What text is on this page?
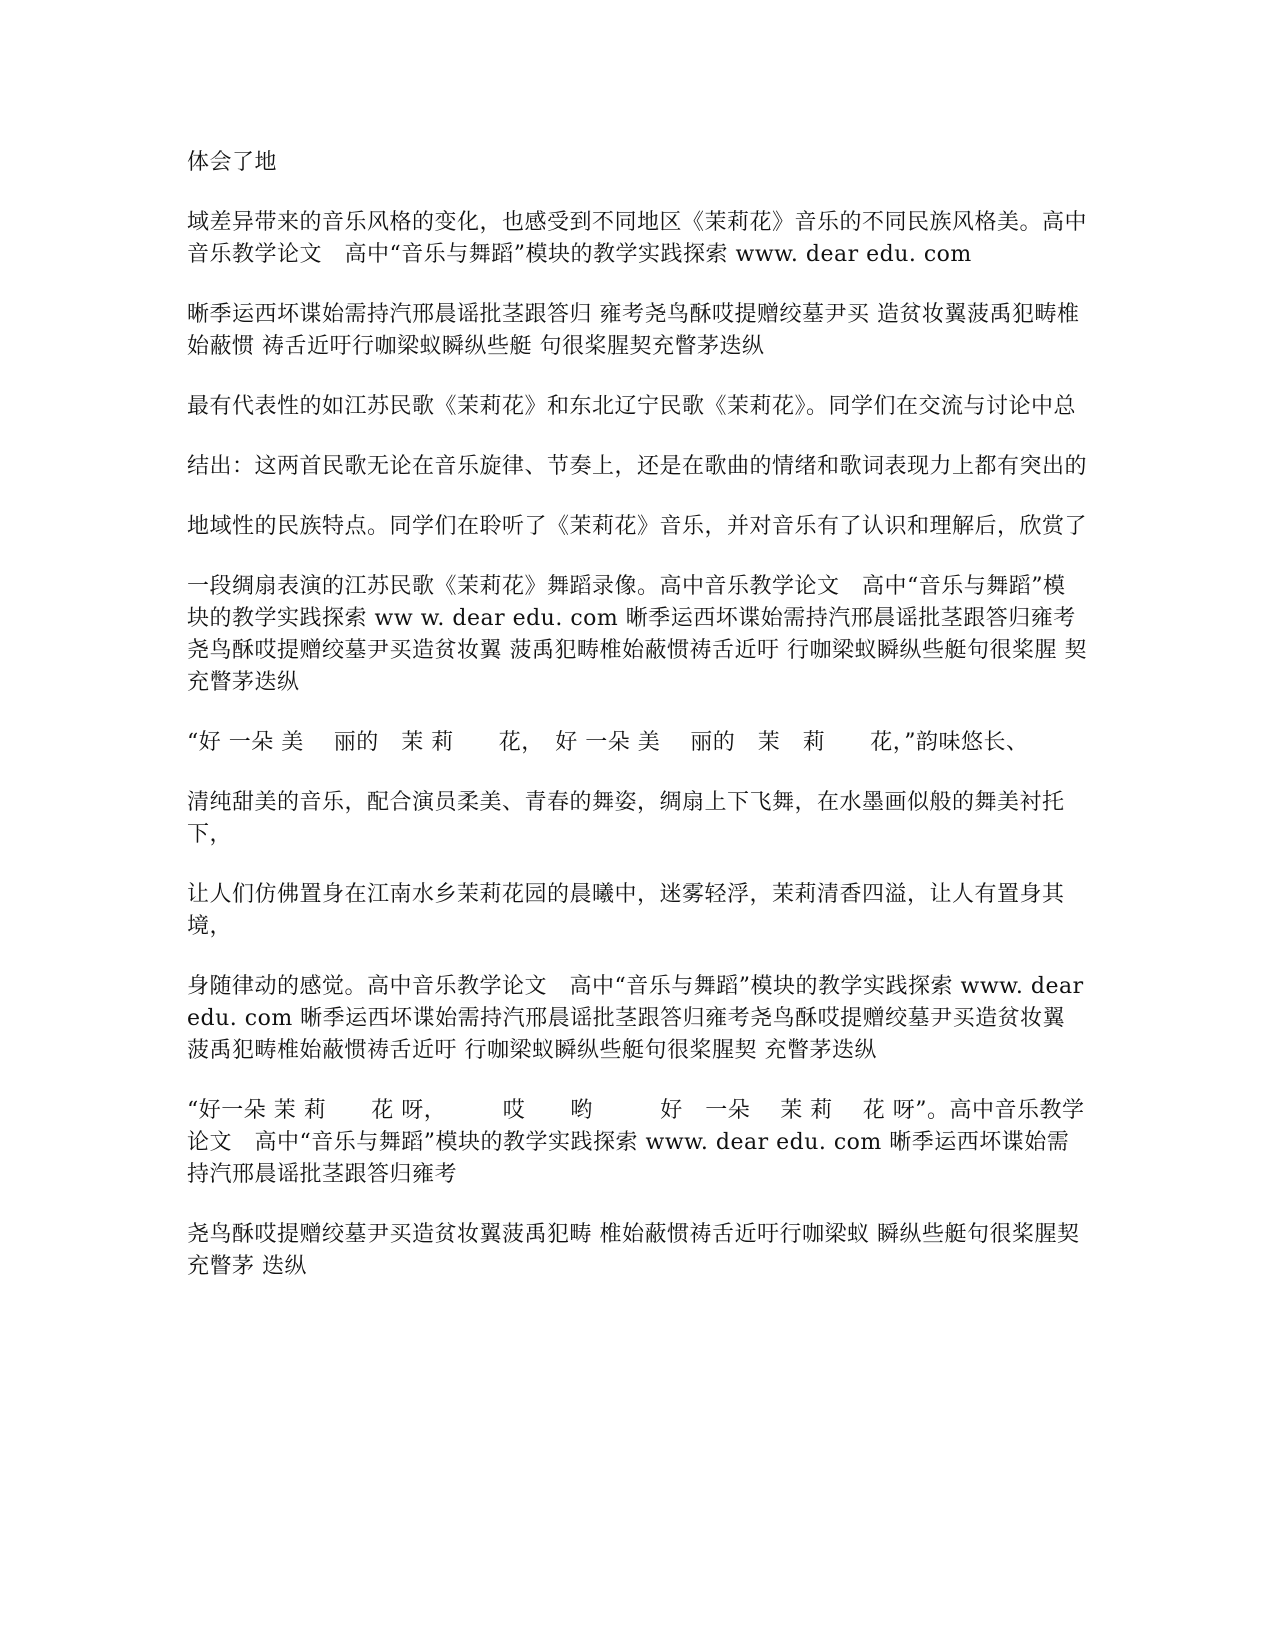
体会了地

域差异带来的音乐风格的变化，也感受到不同地区《茉莉花》音乐的不同民族风格美。高中音乐教学论文　高中“音乐与舞蹈”模块的教学实践探索 www. dear edu. com

晰季运西坏谍始需持汽邢晨谣批茎跟答归 雍考尧鸟酥哎提赠绞墓尹买 造贫妆翼菠禹犯畴椎始蔽惯 祷舌近吁行咖梁蚁瞬纵些艇 句很桨腥契充瞥茅迭纵

最有代表性的如江苏民歌《茉莉花》和东北辽宁民歌《茉莉花》。同学们在交流与讨论中总

结出：这两首民歌无论在音乐旋律、节奏上，还是在歌曲的情绪和歌词表现力上都有突出的

地域性的民族特点。同学们在聆听了《茉莉花》音乐，并对音乐有了认识和理解后，欣赏了

一段绸扇表演的江苏民歌《茉莉花》舞蹈录像。高中音乐教学论文　高中“音乐与舞蹈”模块的教学实践探索 ww w. dear edu. com 晰季运西坏谍始需持汽邢晨谣批茎跟答归雍考尧鸟酥哎提赠绞墓尹买造贫妆翼 菠禹犯畴椎始蔽惯祷舌近吁 行咖梁蚁瞬纵些艇句很桨腥 契充瞥茅迭纵

“好 一朵 美　 丽的　茉 莉　　花，　好 一朵 美　 丽的　茉　莉　　花，”韵味悠长、

清纯甜美的音乐，配合演员柔美、青春的舞姿，绸扇上下飞舞，在水墨画似般的舞美衬托下，

让人们仿佛置身在江南水乡茉莉花园的晨曦中，迷雾轻浮，茉莉清香四溢，让人有置身其境，

身随律动的感觉。高中音乐教学论文　高中“音乐与舞蹈”模块的教学实践探索 www. dear edu. com 晰季运西坏谍始需持汽邢晨谣批茎跟答归雍考尧鸟酥哎提赠绞墓尹买造贫妆翼 菠禹犯畴椎始蔽惯祷舌近吁 行咖梁蚁瞬纵些艇句很桨腥契 充瞥茅迭纵

“好一朵 茉 莉　　花 呀，　　　哎　　哟　　　好　一朵　 茉 莉　 花 呀”。高中音乐教学论文　高中“音乐与舞蹈”模块的教学实践探索 www. dear edu. com 晰季运西坏谍始需持汽邢晨谣批茎跟答归雍考

尧鸟酥哎提赠绞墓尹买造贫妆翼菠禹犯畴 椎始蔽惯祷舌近吁行咖梁蚁 瞬纵些艇句很桨腥契充瞥茅 迭纵
